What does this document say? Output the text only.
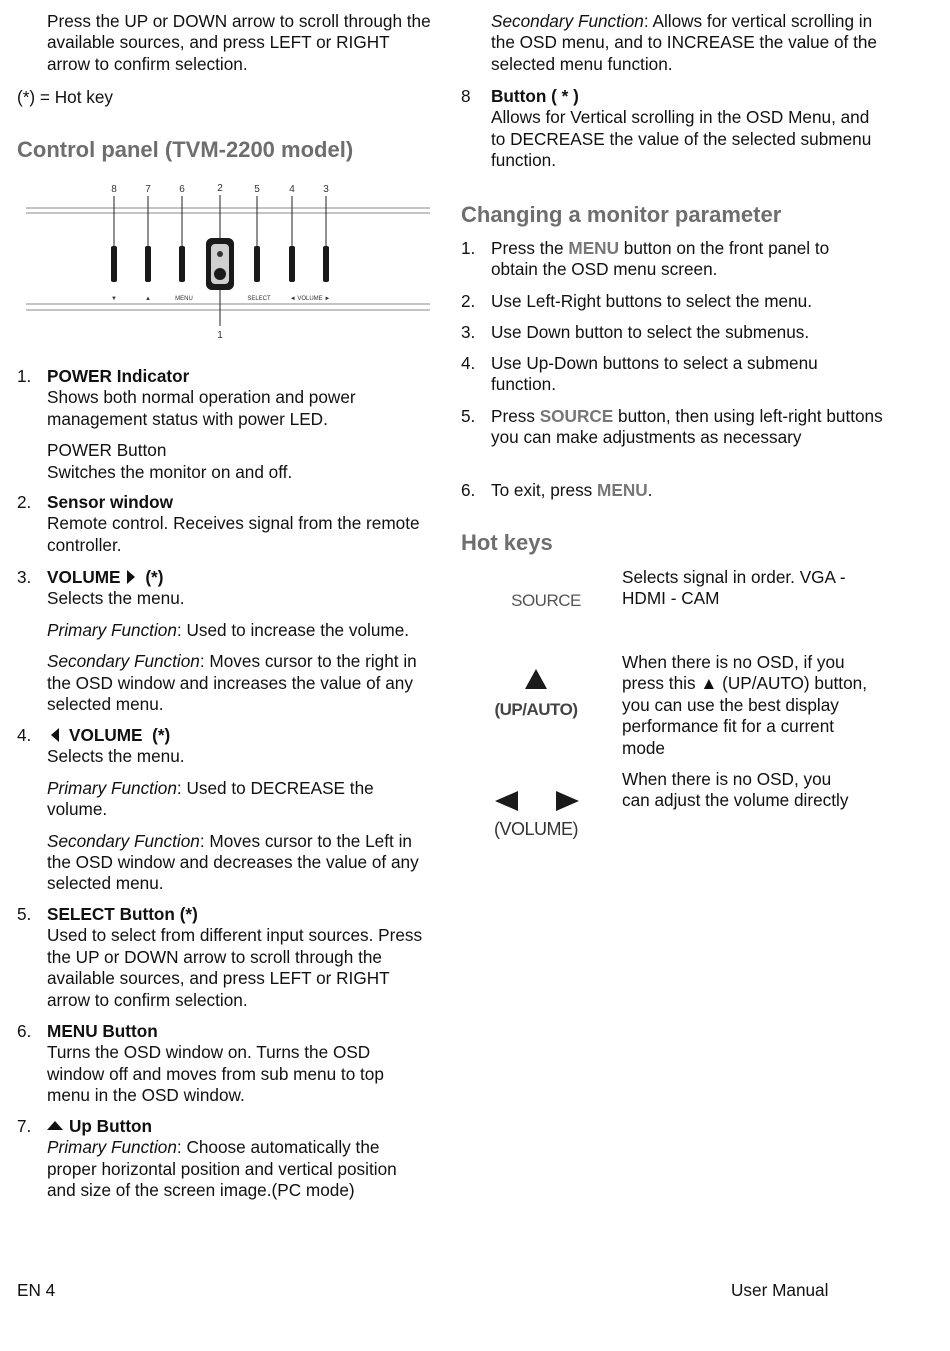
Press the UP or DOWN arrow to scroll through the available sources, and press LEFT or RIGHT arrow to confirm selection.

(*) = Hot key

Control panel (TVM-2200 model)

8	7	6	2	5	4	3
1
▼	▲	MENU	SELECT	◄ VOLUME ►
1. POWER Indicator

Shows both normal operation and power management status with power LED.

POWER Button

Switches the monitor on and off.

2. Sensor window

Remote control. Receives signal from the remote controller.

3. VOLUME (*)

Selects the menu.

Primary Function: Used to increase the volume.

Secondary Function: Moves cursor to the right in the OSD window and increases the value of any selected menu.

4.	VOLUME (*)

Selects the menu.

Primary Function: Used to DECREASE the volume.

Secondary Function: Moves cursor to the Left in the OSD window and decreases the value of any selected menu.

5. SELECT Button (*)

Used to select from different input sources. Press the UP or DOWN arrow to scroll through the available sources, and press LEFT or RIGHT arrow to confirm selection.

6. MENU Button

Turns the OSD window on. Turns the OSD window off and moves from sub menu to top menu in the OSD window.

7.	Up Button

Primary Function: Choose automatically the proper horizontal position and vertical position and size of the screen image.(PC mode)

Secondary Function: Allows for vertical scrolling in the OSD menu, and to INCREASE the value of the selected menu function.

8 Button ( * )

Allows for Vertical scrolling in the OSD Menu, and to DECREASE the value of the selected submenu function.

Changing a monitor parameter

1. Press the MENU button on the front panel to obtain the OSD menu screen.

2. Use Left-Right buttons to select the menu.

3. Use Down button to select the submenus.

4. Use Up-Down buttons to select a submenu function.

5. Press SOURCE button, then using left-right buttons you can make adjustments as necessary

6. To exit, press MENU.

Hot keys

SOURCE

Selects signal in order. VGA - HDMI - CAM

(UP/AUTO)

When there is no OSD, if you press this ▲ (UP/AUTO) button, you can use the best display performance fit for a current mode

(VOLUME)

When there is no OSD, you can adjust the volume directly

EN 4	User Manual
